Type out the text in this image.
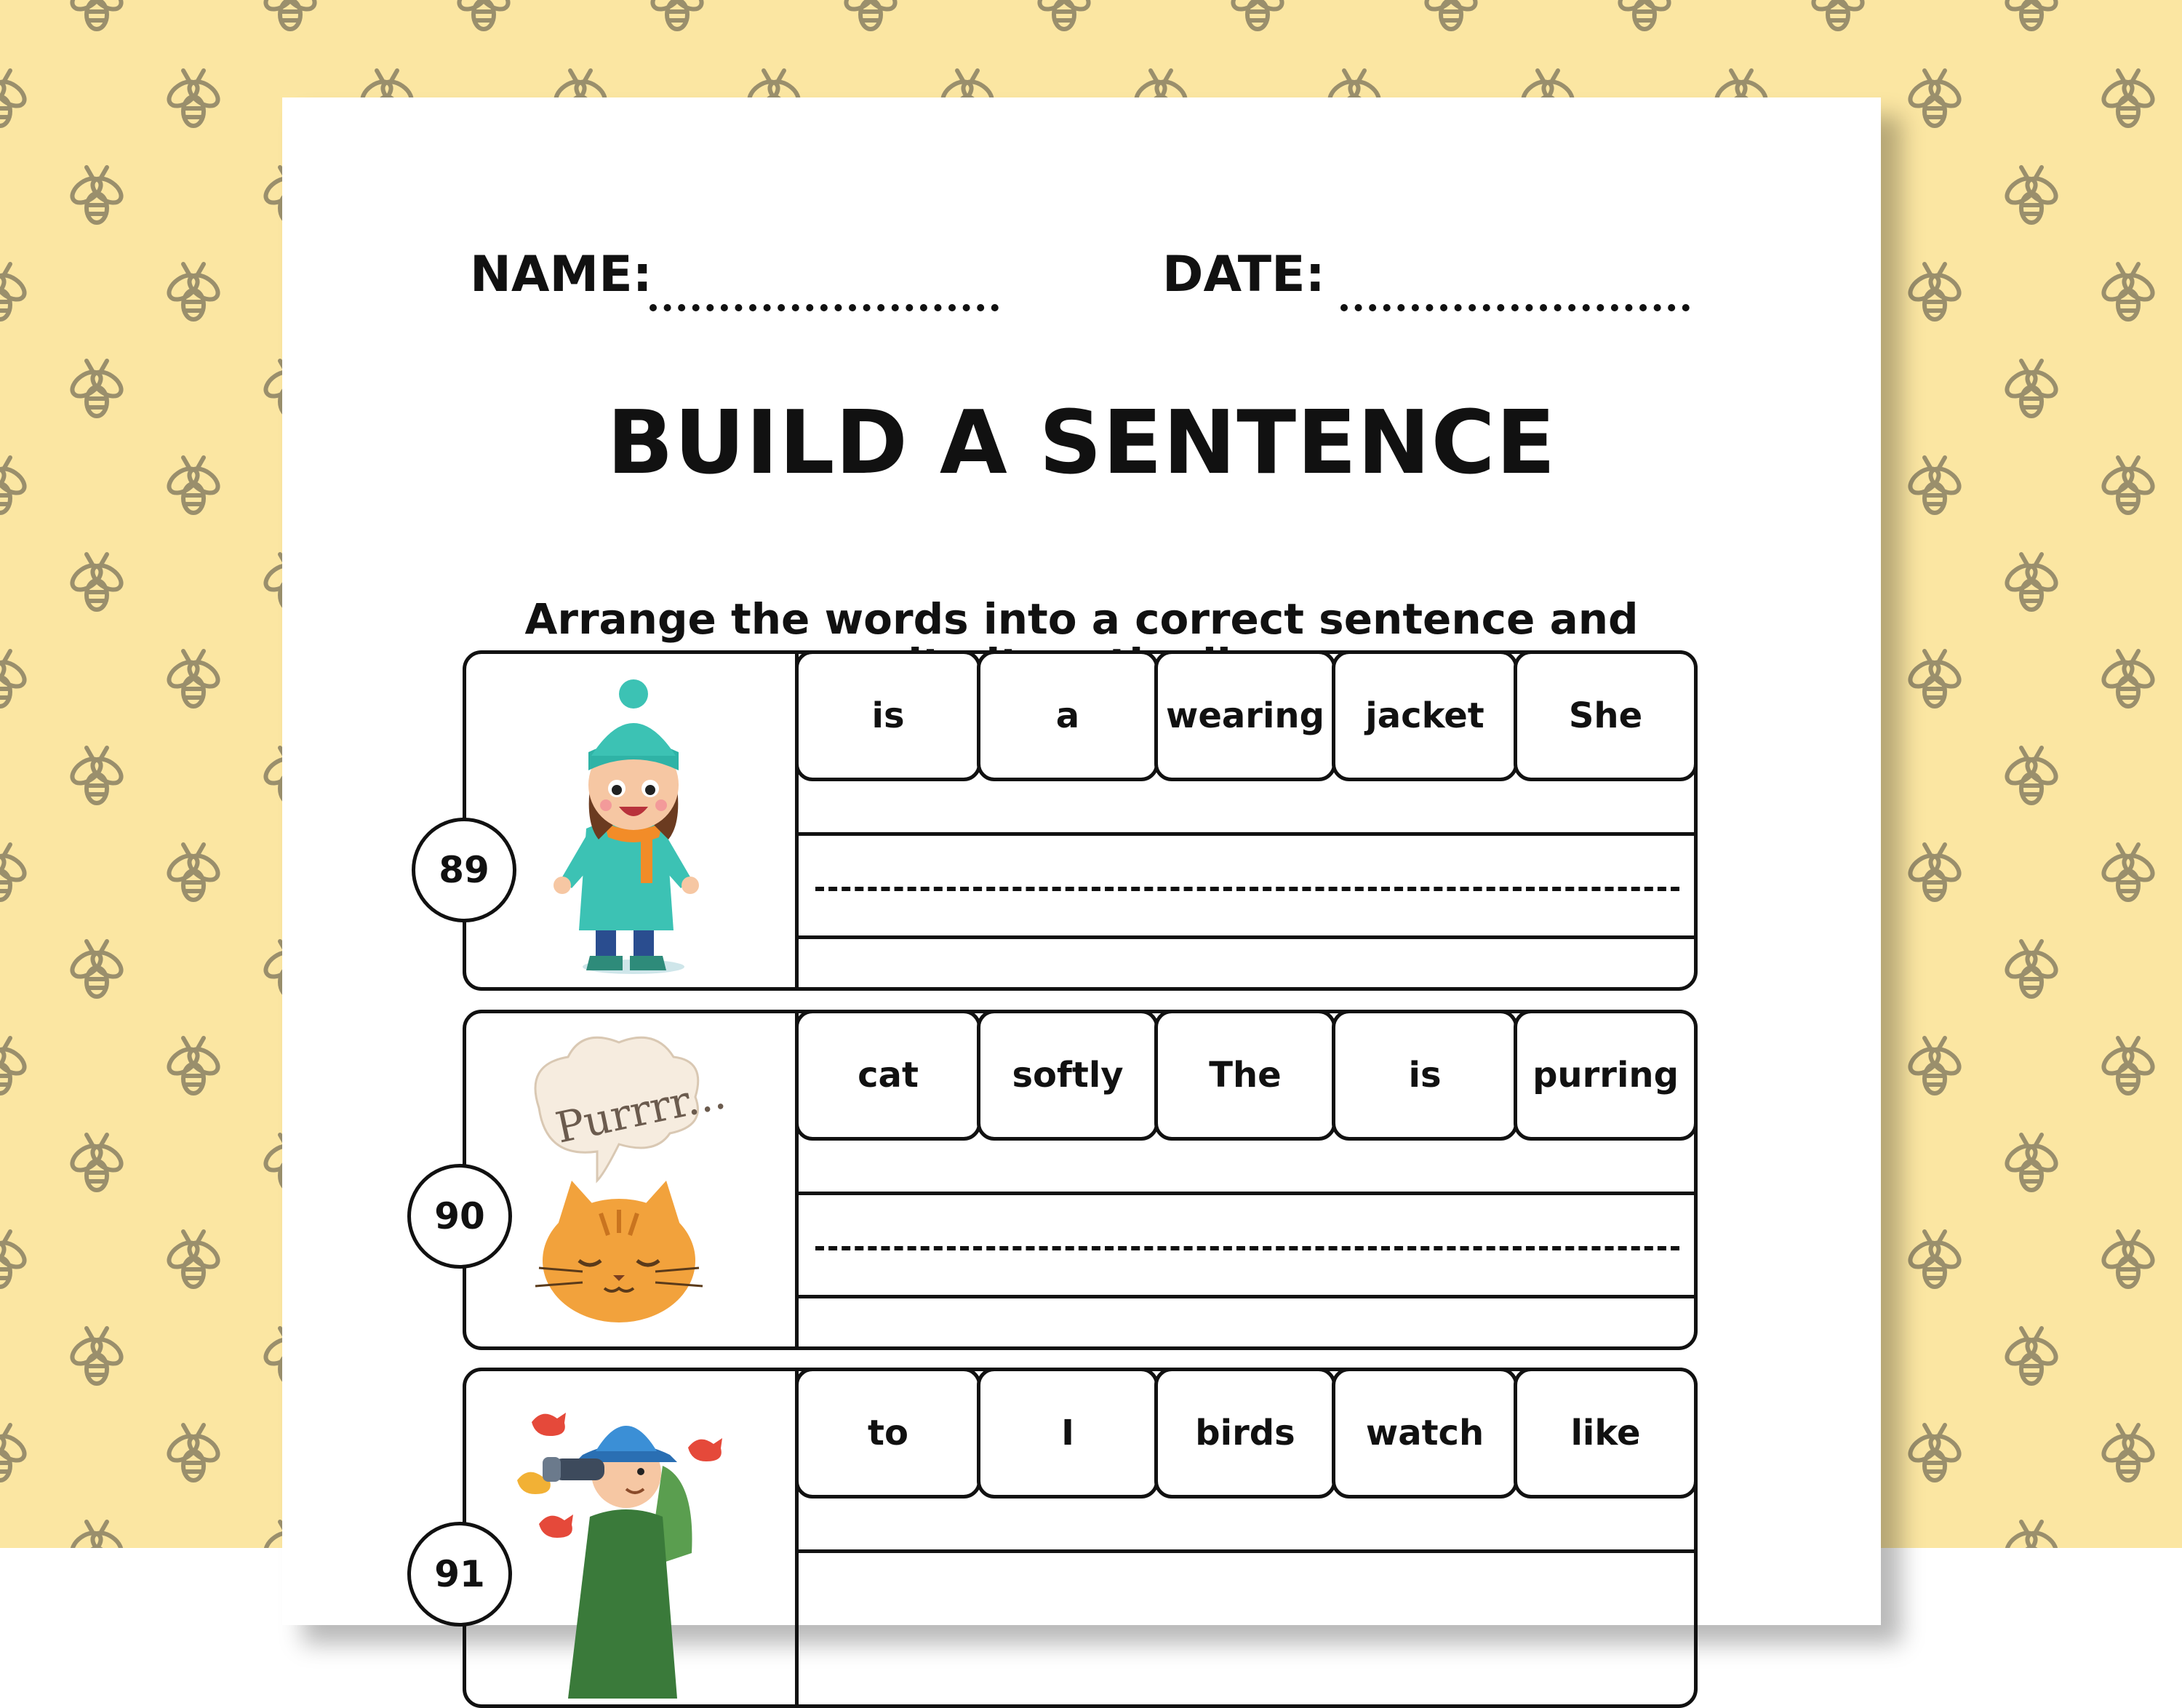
NAME:	DATE:
BUILD A SENTENCE
Arrange the words into a correct sentence and
is	a wearing jacket She
89
cat	softly The	is	purring
Purrrr...
90
to	I	birds watch like
91
